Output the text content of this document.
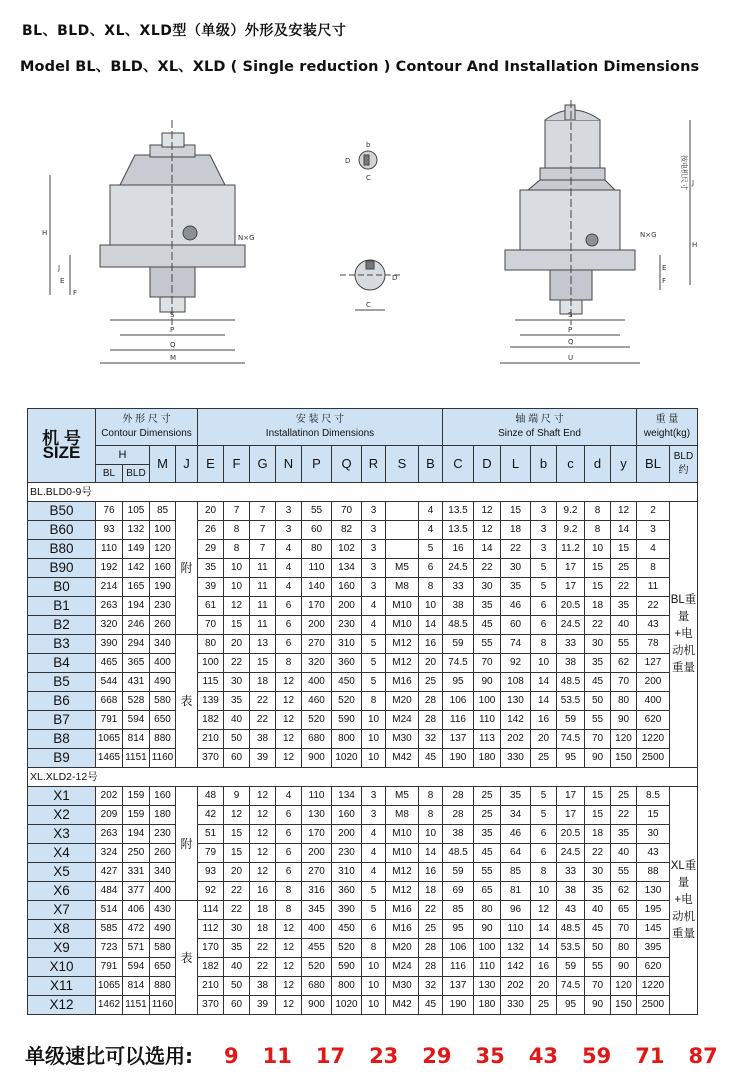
BL、BLD、XL、XLD型（单级）外形及安装尺寸
Model BL、BLD、XL、XLD ( Single reduction ) Contour And Installation Dimensions
H
J
E
F
S
P
Q
M
N×G
D
b
C
D
C
按电机尺寸 J
N×G
H
E
F
S
P
Q
U
机 号
SIZE	外 形 尺 寸
Contour Dimensions				安 装 尺 寸
Installatinon Dimensions									轴 端 尺 寸
Sinze of Shaft End							重 量
weight(kg)	

	H
BL BLD		M	J	E	F	G	N	P	Q	R	S	B	C	D	L	b	c	d	y	BL	BLD约
BL.BLD0-9号																						
B50	76	105	85	附	20	7	7	3	55	70	3		4	13.5	12	15	3	9.2	8	12	2	BL重量+电动机重量
B60	93	132	100		26	8	7	3	60	82	3		4	13.5	12	18	3	9.2	8	14	3	
B80	110	149	120		29	8	7	4	80	102	3		5	16	14	22	3	11.2	10	15	4	
B90	192	142	160		35	10	11	4	110	134	3	M5	6	24.5	22	30	5	17	15	25	8	
B0	214	165	190		39	10	11	4	140	160	3	M8	8	33	30	35	5	17	15	22	11	
B1	263	194	230		61	12	11	6	170	200	4	M10	10	38	35	46	6	20.5	18	35	22	
B2	320	246	260		70	15	11	6	200	230	4	M10	14	48.5	45	60	6	24.5	22	40	43	
B3	390	294	340	表	80	20	13	6	270	310	5	M12	16	59	55	74	8	33	30	55	78	
B4	465	365	400		100	22	15	8	320	360	5	M12	20	74.5	70	92	10	38	35	62	127	
B5	544	431	490		115	30	18	12	400	450	5	M16	25	95	90	108	14	48.5	45	70	200	
B6	668	528	580		139	35	22	12	460	520	8	M20	28	106	100	130	14	53.5	50	80	400	
B7	791	594	650		182	40	22	12	520	590	10	M24	28	116	110	142	16	59	55	90	620	
B8	1065	814	880		210	50	38	12	680	800	10	M30	32	137	113	202	20	74.5	70	120	1220	
B9	1465	1151	1160		370	60	39	12	900	1020	10	M42	45	190	180	330	25	95	90	150	2500	
XL.XLD2-12号																						
X1	202	159	160	附	48	9	12	4	110	134	3	M5	8	28	25	35	5	17	15	25	8.5	XL重量+电动机重量
X2	209	159	180		42	12	12	6	130	160	3	M8	8	28	25	34	5	17	15	22	15	
X3	263	194	230		51	15	12	6	170	200	4	M10	10	38	35	46	6	20.5	18	35	30	
X4	324	250	260		79	15	12	6	200	230	4	M10	14	48.5	45	64	6	24.5	22	40	43	
X5	427	331	340		93	20	12	6	270	310	4	M12	16	59	55	85	8	33	30	55	88	
X6	484	377	400		92	22	16	8	316	360	5	M12	18	69	65	81	10	38	35	62	130	
X7	514	406	430	表	114	22	18	8	345	390	5	M16	22	85	80	96	12	43	40	65	195	
X8	585	472	490		112	30	18	12	400	450	6	M16	25	95	90	110	14	48.5	45	70	145	
X9	723	571	580		170	35	22	12	455	520	8	M20	28	106	100	132	14	53.5	50	80	395	
X10	791	594	650		182	40	22	12	520	590	10	M24	28	116	110	142	16	59	55	90	620	
X11	1065	814	880		210	50	38	12	680	800	10	M30	32	137	130	202	20	74.5	70	120	1220	
X12	1462	1151	1160		370	60	39	12	900	1020	10	M42	45	190	180	330	25	95	90	150	2500	
单级速比可以选用: 9 11 17 23 29 35 43 59 71 87
